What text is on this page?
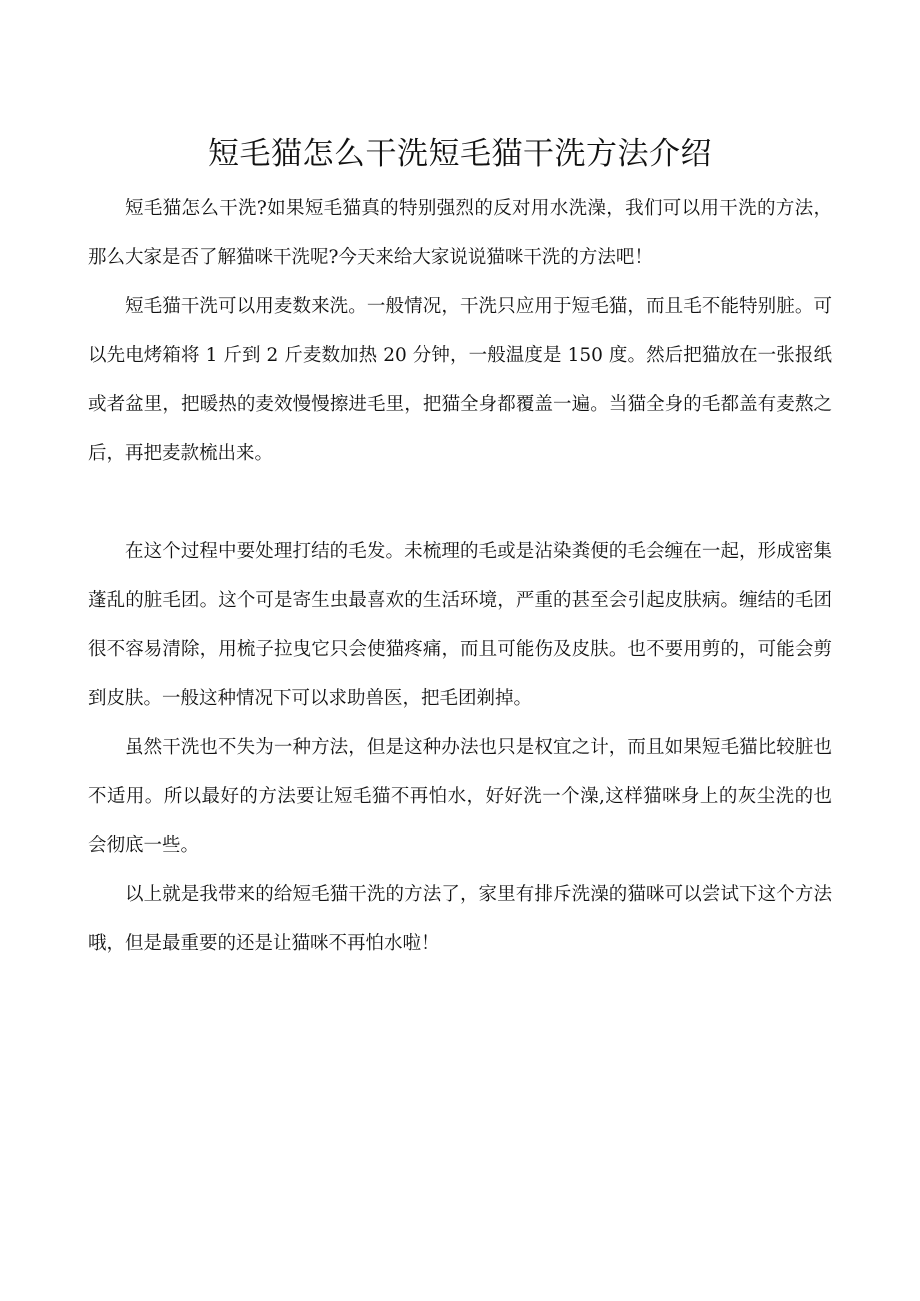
短毛猫怎么干洗短毛猫干洗方法介绍

短毛猫怎么干洗?如果短毛猫真的特别强烈的反对用水洗澡，我们可以用干洗的方法，那么大家是否了解猫咪干洗呢?今天来给大家说说猫咪干洗的方法吧！

短毛猫干洗可以用麦数来洗。一般情况，干洗只应用于短毛猫，而且毛不能特别脏。可以先电烤箱将 1 斤到 2 斤麦数加热 20 分钟，一般温度是 150 度。然后把猫放在一张报纸或者盆里，把暖热的麦效慢慢擦进毛里，把猫全身都覆盖一遍。当猫全身的毛都盖有麦熬之后，再把麦款梳出来。

在这个过程中要处理打结的毛发。未梳理的毛或是沾染粪便的毛会缠在一起，形成密集蓬乱的脏毛团。这个可是寄生虫最喜欢的生活环境，严重的甚至会引起皮肤病。缠结的毛团很不容易清除，用梳子拉曳它只会使猫疼痛，而且可能伤及皮肤。也不要用剪的，可能会剪到皮肤。一般这种情况下可以求助兽医，把毛团剃掉。

虽然干洗也不失为一种方法，但是这种办法也只是权宜之计，而且如果短毛猫比较脏也不适用。所以最好的方法要让短毛猫不再怕水，好好洗一个澡,这样猫咪身上的灰尘洗的也会彻底一些。

以上就是我带来的给短毛猫干洗的方法了，家里有排斥洗澡的猫咪可以尝试下这个方法哦，但是最重要的还是让猫咪不再怕水啦！
